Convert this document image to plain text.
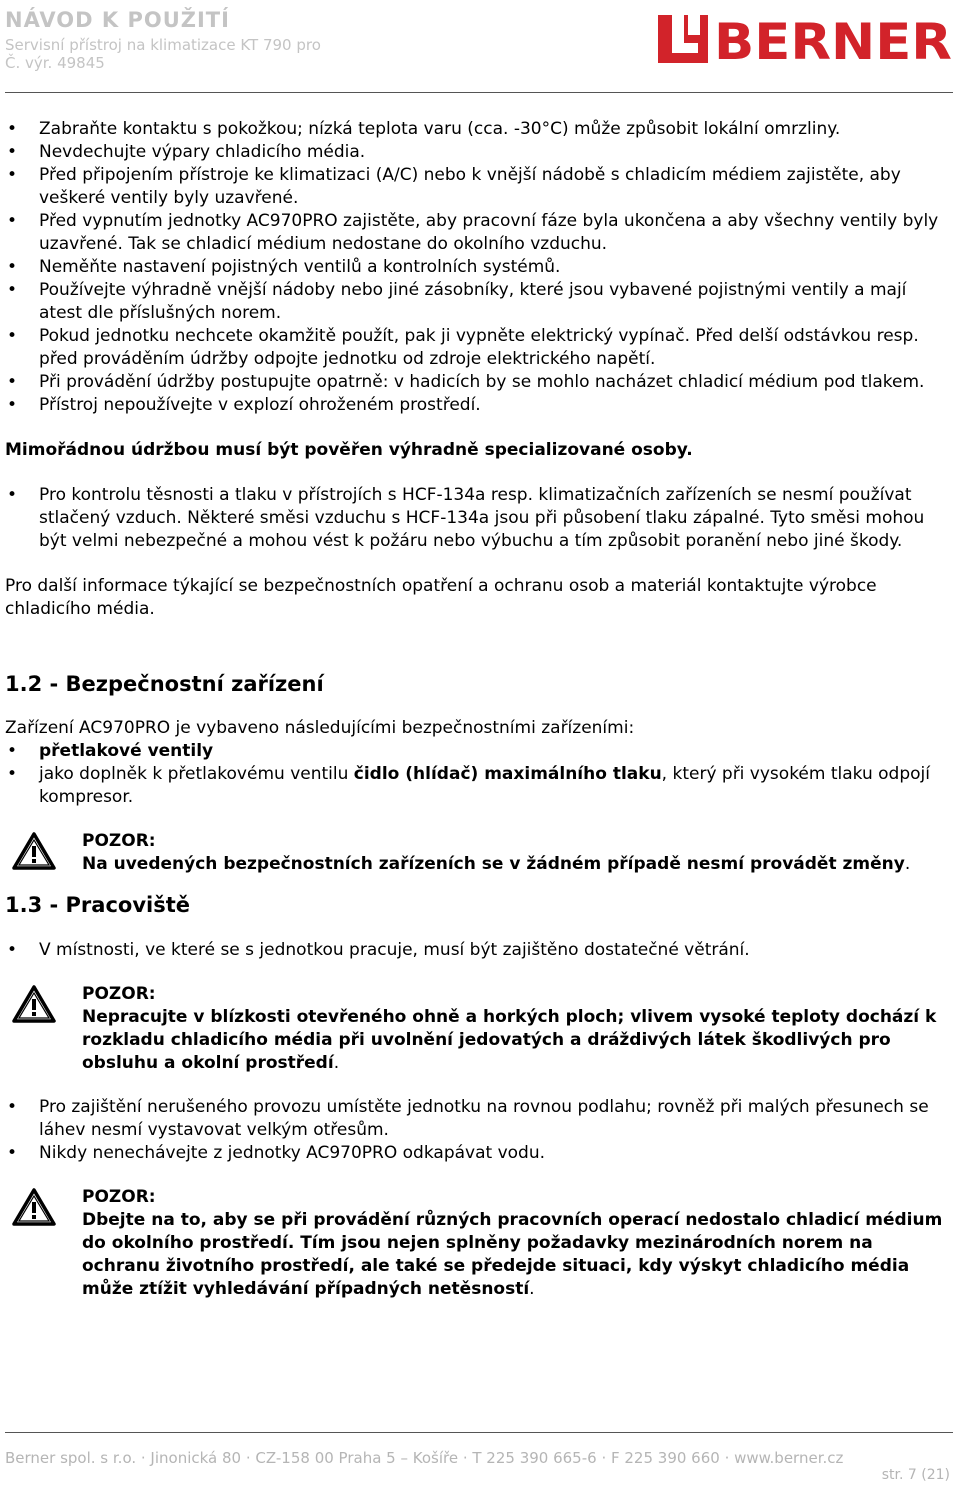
NÁVOD K POUŽITÍ
Servisní přístroj na klimatizace KT 790 pro
Č. výr. 49845	BERNER
• Zabraňte kontaktu s pokožkou; nízká teplota varu (cca. -30°C) může způsobit lokální omrzliny.
• Nevdechujte výpary chladicího média.
• Před připojením přístroje ke klimatizaci (A/C) nebo k vnější nádobě s chladicím médiem zajistěte, aby veškeré ventily byly uzavřené.
• Před vypnutím jednotky AC970PRO zajistěte, aby pracovní fáze byla ukončena a aby všechny ventily byly uzavřené. Tak se chladicí médium nedostane do okolního vzduchu.
• Neměňte nastavení pojistných ventilů a kontrolních systémů.
• Používejte výhradně vnější nádoby nebo jiné zásobníky, které jsou vybavené pojistnými ventily a mají atest dle příslušných norem.
• Pokud jednotku nechcete okamžitě použít, pak ji vypněte elektrický vypínač. Před delší odstávkou resp. před prováděním údržby odpojte jednotku od zdroje elektrického napětí.
• Při provádění údržby postupujte opatrně: v hadicích by se mohlo nacházet chladicí médium pod tlakem.
• Přístroj nepoužívejte v explozí ohroženém prostředí.

Mimořádnou údržbou musí být pověřen výhradně specializované osoby.

• Pro kontrolu těsnosti a tlaku v přístrojích s HCF-134a resp. klimatizačních zařízeních se nesmí používat stlačený vzduch. Některé směsi vzduchu s HCF-134a jsou při působení tlaku zápalné. Tyto směsi mohou být velmi nebezpečné a mohou vést k požáru nebo výbuchu a tím způsobit poranění nebo jiné škody.

Pro další informace týkající se bezpečnostních opatření a ochranu osob a materiál kontaktujte výrobce chladicího média.

1.2 - Bezpečnostní zařízení

Zařízení AC970PRO je vybaveno následujícími bezpečnostními zařízeními:

• přetlakové ventily
• jako doplněk k přetlakovému ventilu čidlo (hlídač) maximálního tlaku, který při vysokém tlaku odpojí kompresor.

POZOR:

Na uvedených bezpečnostních zařízeních se v žádném případě nesmí provádět změny.

1.3 - Pracoviště
• V místnosti, ve které se s jednotkou pracuje, musí být zajištěno dostatečné větrání.

POZOR:

Nepracujte v blízkosti otevřeného ohně a horkých ploch; vlivem vysoké teploty dochází k rozkladu chladicího média při uvolnění jedovatých a dráždivých látek škodlivých pro obsluhu a okolní prostředí.

• Pro zajištění nerušeného provozu umístěte jednotku na rovnou podlahu; rovněž při malých přesunech se láhev nesmí vystavovat velkým otřesům.
• Nikdy nenechávejte z jednotky AC970PRO odkapávat vodu.

POZOR:

Dbejte na to, aby se při provádění různých pracovních operací nedostalo chladicí médium do okolního prostředí. Tím jsou nejen splněny požadavky mezinárodních norem na ochranu životního prostředí, ale také se předejde situaci, kdy výskyt chladicího média může ztížit vyhledávání případných netěsností.

Berner spol. s r.o. · Jinonická 80 · CZ-158 00 Praha 5 – Košíře · T 225 390 665-6 · F 225 390 660 · www.berner.cz
str. 7 (21)
